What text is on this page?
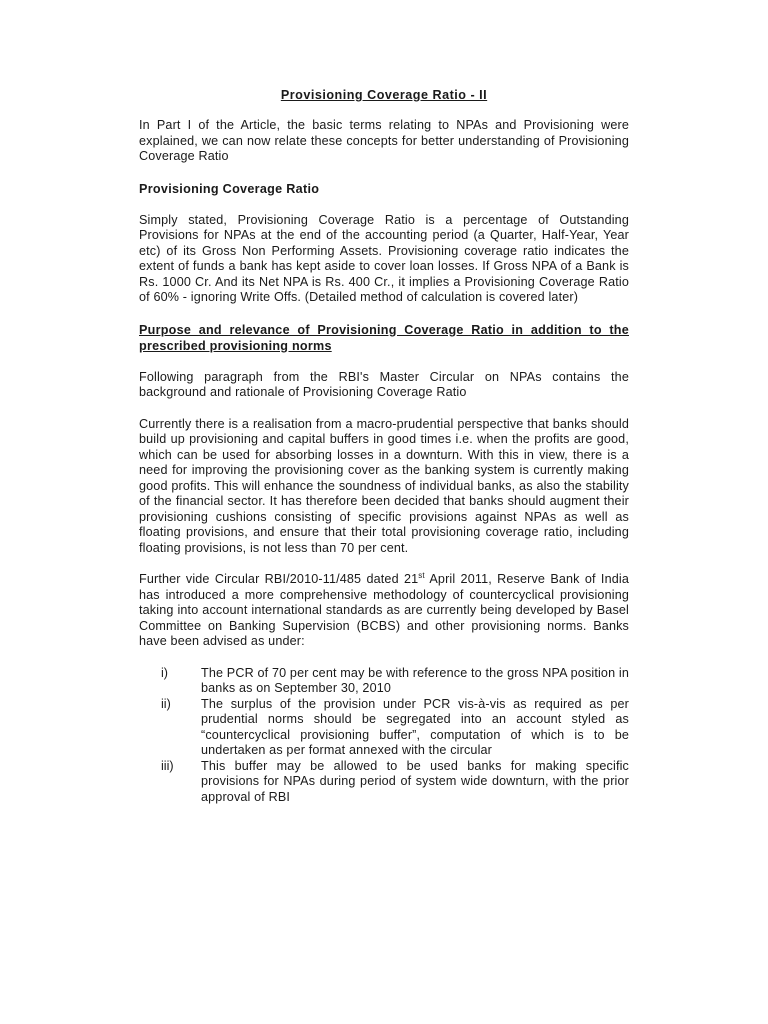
Provisioning Coverage Ratio - II

In Part I of the Article, the basic terms relating to NPAs and Provisioning were explained, we can now relate these concepts for better understanding of Provisioning Coverage Ratio

Provisioning Coverage Ratio

Simply stated, Provisioning Coverage Ratio is a percentage of Outstanding Provisions for NPAs at the end of the accounting period (a Quarter, Half-Year, Year etc) of its Gross Non Performing Assets. Provisioning coverage ratio indicates the extent of funds a bank has kept aside to cover loan losses. If Gross NPA of a Bank is Rs. 1000 Cr. And its Net NPA is Rs. 400 Cr., it implies a Provisioning Coverage Ratio of 60% - ignoring Write Offs. (Detailed method of calculation is covered later)

Purpose and relevance of Provisioning Coverage Ratio in addition to the prescribed provisioning norms

Following paragraph from the RBI's Master Circular on NPAs contains the background and rationale of Provisioning Coverage Ratio

Currently there is a realisation from a macro-prudential perspective that banks should build up provisioning and capital buffers in good times i.e. when the profits are good, which can be used for absorbing losses in a downturn. With this in view, there is a need for improving the provisioning cover as the banking system is currently making good profits. This will enhance the soundness of individual banks, as also the stability of the financial sector. It has therefore been decided that banks should augment their provisioning cushions consisting of specific provisions against NPAs as well as floating provisions, and ensure that their total provisioning coverage ratio, including floating provisions, is not less than 70 per cent.

Further vide Circular RBI/2010-11/485 dated 21st April 2011, Reserve Bank of India has introduced a more comprehensive methodology of countercyclical provisioning taking into account international standards as are currently being developed by Basel Committee on Banking Supervision (BCBS) and other provisioning norms. Banks have been advised as under:

i)	The PCR of 70 per cent may be with reference to the gross NPA position in banks as on September 30, 2010
ii)	The surplus of the provision under PCR vis-à-vis as required as per prudential norms should be segregated into an account styled as “countercyclical provisioning buffer”, computation of which is to be undertaken as per format annexed with the circular
iii)	This buffer may be allowed to be used banks for making specific provisions for NPAs during period of system wide downturn, with the prior approval of RBI
